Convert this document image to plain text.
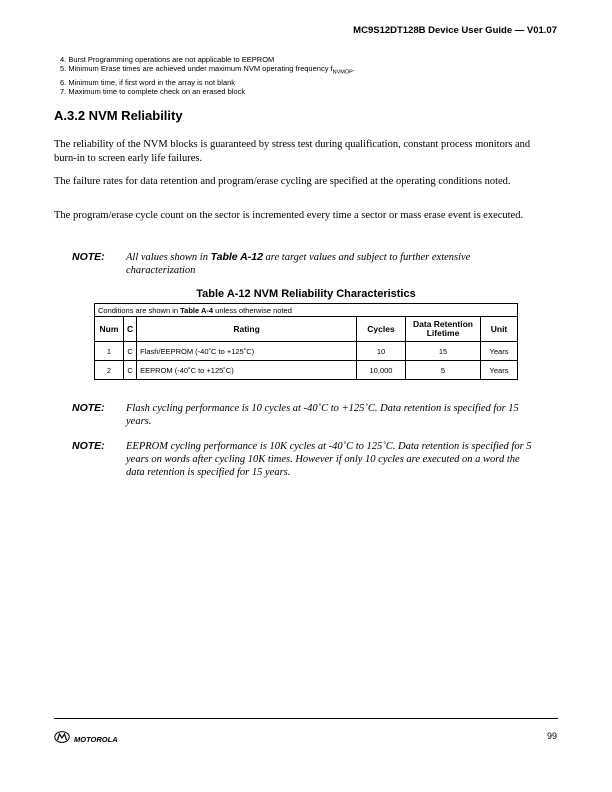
MC9S12DT128B Device User Guide — V01.07
4. Burst Programming operations are not applicable to EEPROM
5. Minimum Erase times are achieved under maximum NVM operating frequency $f_{NVMOP}$.
6. Minimum time, if first word in the array is not blank
7. Maximum time to complete check on an erased block
A.3.2 NVM Reliability
The reliability of the NVM blocks is guaranteed by stress test during qualification, constant process monitors and burn-in to screen early life failures.
The failure rates for data retention and program/erase cycling are specified at the operating conditions noted.
The program/erase cycle count on the sector is incremented every time a sector or mass erase event is executed.
NOTE: All values shown in Table A-12 are target values and subject to further extensive characterization
Table A-12 NVM Reliability Characteristics
Conditions are shown in Table A-4 unless otherwise noted					
Num	C	Rating	Cycles	Data Retention Lifetime	Unit
1	C	Flash/EEPROM (-40˚C to +125˚C)	10	15	Years
2	C	EEPROM (-40˚C to +125˚C)	10,000	5	Years
NOTE: Flash cycling performance is 10 cycles at -40˚C to +125˚C. Data retention is specified for 15 years.
NOTE: EEPROM cycling performance is 10K cycles at -40˚C to 125˚C. Data retention is specified for 5 years on words after cycling 10K times. However if only 10 cycles are executed on a word the data retention is specified for 15 years.
MOTOROLA	99
